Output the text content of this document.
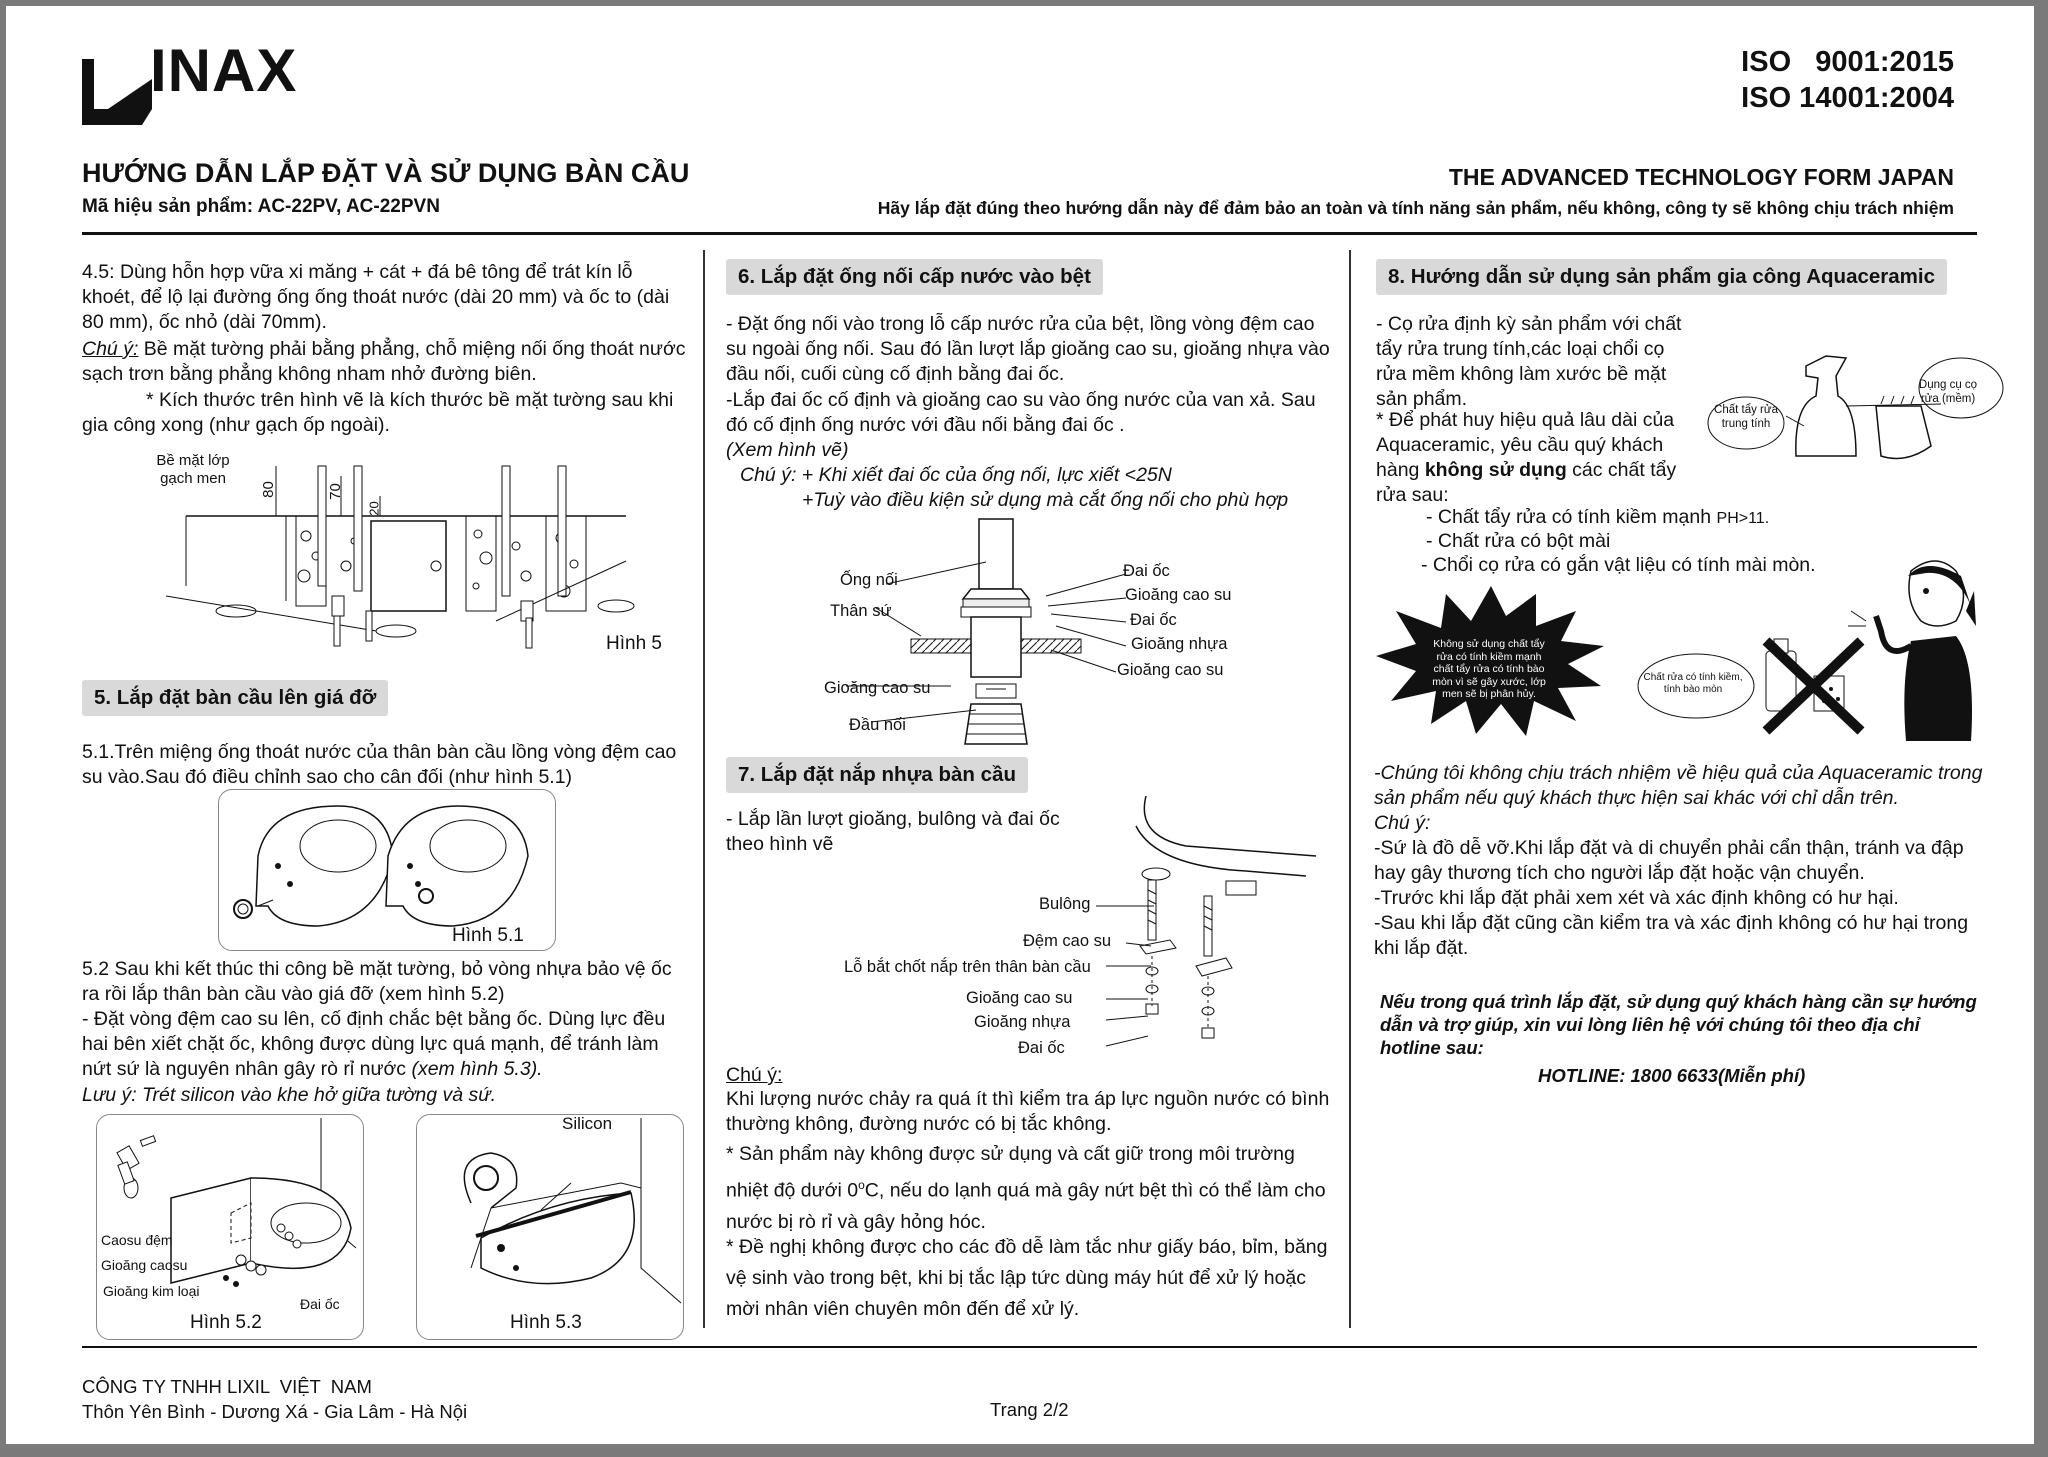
INAX	ISO   9001:2015
ISO 14001:2004
HƯỚNG DẪN LẮP ĐẶT VÀ SỬ DỤNG BÀN CẦU
Mã hiệu sản phẩm: AC-22PV, AC-22PVN
THE ADVANCED TECHNOLOGY FORM JAPAN
Hãy lắp đặt đúng theo hướng dẫn này để đảm bảo an toàn và tính năng sản phẩm, nếu không, công ty sẽ không chịu trách nhiệm
4.5: Dùng hỗn hợp vữa xi măng + cát + đá bê tông để trát kín lỗ khoét, để lộ lại đường ống ống thoát nước (dài 20 mm) và ốc to (dài 80 mm), ốc nhỏ (dài 70mm).
Chú ý: Bề mặt tường phải bằng phẳng, chỗ miệng nối ống thoát nước sạch trơn bằng phẳng không nham nhở đường biên.
* Kích thước trên hình vẽ là kích thước bề mặt tường sau khi gia công xong (như gạch ốp ngoài).
Bề mặt lớp gạch men
80	70
20
Hình 5
5. Lắp đặt bàn cầu lên giá đỡ
5.1.Trên miệng ống thoát nước của thân bàn cầu lồng vòng đệm cao su vào.Sau đó điều chỉnh sao cho cân đối (như hình 5.1)
Hình 5.1
5.2 Sau khi kết thúc thi công bề mặt tường, bỏ vòng nhựa bảo vệ ốc ra rồi lắp thân bàn cầu vào giá đỡ (xem hình 5.2)
- Đặt vòng đệm cao su lên, cố định chắc bệt bằng ốc. Dùng lực đều hai bên xiết chặt ốc, không được dùng lực quá mạnh, để tránh làm nứt sứ là nguyên nhân gây rò rỉ nước (xem hình 5.3).
Lưu ý: Trét silicon vào khe hở giữa tường và sứ.
Caosu đệm
Gioăng caosu
Gioăng kim loại
Đai ốc
Hình 5.2
Silicon
Hình 5.3
6. Lắp đặt ống nối cấp nước vào bệt
- Đặt ống nối vào trong lỗ cấp nước rửa của bệt, lồng vòng đệm cao su ngoài ống nối. Sau đó lần lượt lắp gioăng cao su, gioăng nhựa vào đầu nối, cuối cùng cố định bằng đai ốc.
-Lắp đai ốc cố định và gioăng cao su vào ống nước của van xả. Sau đó cố định ống nước với đầu nối bằng đai ốc .
(Xem hình vẽ)
Chú ý: + Khi xiết đai ốc của ống nối, lực xiết <25N
+Tuỳ vào điều kiện sử dụng mà cắt ống nối cho phù hợp
Ống nối
Thân sứ
Gioăng cao su
Đầu nối
Đai ốc
Gioăng cao su
Đai ốc
Gioăng nhựa
Gioăng cao su
7. Lắp đặt nắp nhựa bàn cầu
- Lắp lần lượt gioăng, bulông và đai ốc theo hình vẽ
Bulông
Đệm cao su
Lỗ bắt chốt nắp trên thân bàn cầu
Gioăng cao su
Gioăng nhựa
Đai ốc
Chú ý:
Khi lượng nước chảy ra quá ít thì kiểm tra áp lực nguồn nước có bình thường không, đường nước có bị tắc không.
* Sản phẩm này không được sử dụng và cất giữ trong môi trường nhiệt độ dưới 0$^o$C, nếu do lạnh quá mà gây nứt bệt thì có thể làm cho nước bị rò rỉ và gây hỏng hóc.
* Đề nghị không được cho các đồ dễ làm tắc như giấy báo, bỉm, băng vệ sinh vào trong bệt, khi bị tắc lập tức dùng máy hút để xử lý hoặc mời nhân viên chuyên môn đến để xử lý.
8. Hướng dẫn sử dụng sản phẩm gia công Aquaceramic
- Cọ rửa định kỳ sản phẩm với chất tẩy rửa trung tính,các loại chổi cọ rửa mềm không làm xước bề mặt sản phẩm.
* Để phát huy hiệu quả lâu dài của Aquaceramic, yêu cầu quý khách hàng không sử dụng các chất tẩy rửa sau:
- Chất tẩy rửa có tính kiềm mạnh PH>11.
- Chất rửa có bột mài
- Chổi cọ rửa có gắn vật liệu có tính mài mòn.
Chất tẩy rửa trung tính
Dụng cụ cọ rửa (mềm)
Không sử dụng chất tẩy rửa có tính kiềm mạnh chất tẩy rửa có tính bào mòn vì sẽ gây xước, lớp men sẽ bị phân hủy.
Chất rửa có tính kiềm, tính bào mòn
-Chúng tôi không chịu trách nhiệm về hiệu quả của Aquaceramic trong sản phẩm nếu quý khách thực hiện sai khác với chỉ dẫn trên.
Chú ý:
-Sứ là đồ dễ vỡ.Khi lắp đặt và di chuyển phải cẩn thận, tránh va đập hay gây thương tích cho người lắp đặt hoặc vận chuyển.
-Trước khi lắp đặt phải xem xét và xác định không có hư hại.
-Sau khi lắp đặt cũng cần kiểm tra và xác định không có hư hại trong khi lắp đặt.
Nếu trong quá trình lắp đặt, sử dụng quý khách hàng cần sự hướng dẫn và trợ giúp, xin vui lòng liên hệ với chúng tôi theo địa chỉ hotline sau:
HOTLINE: 1800 6633(Miễn phí)
CÔNG TY TNHH LIXIL  VIỆT  NAM
Thôn Yên Bình - Dương Xá - Gia Lâm - Hà Nội	Trang 2/2
